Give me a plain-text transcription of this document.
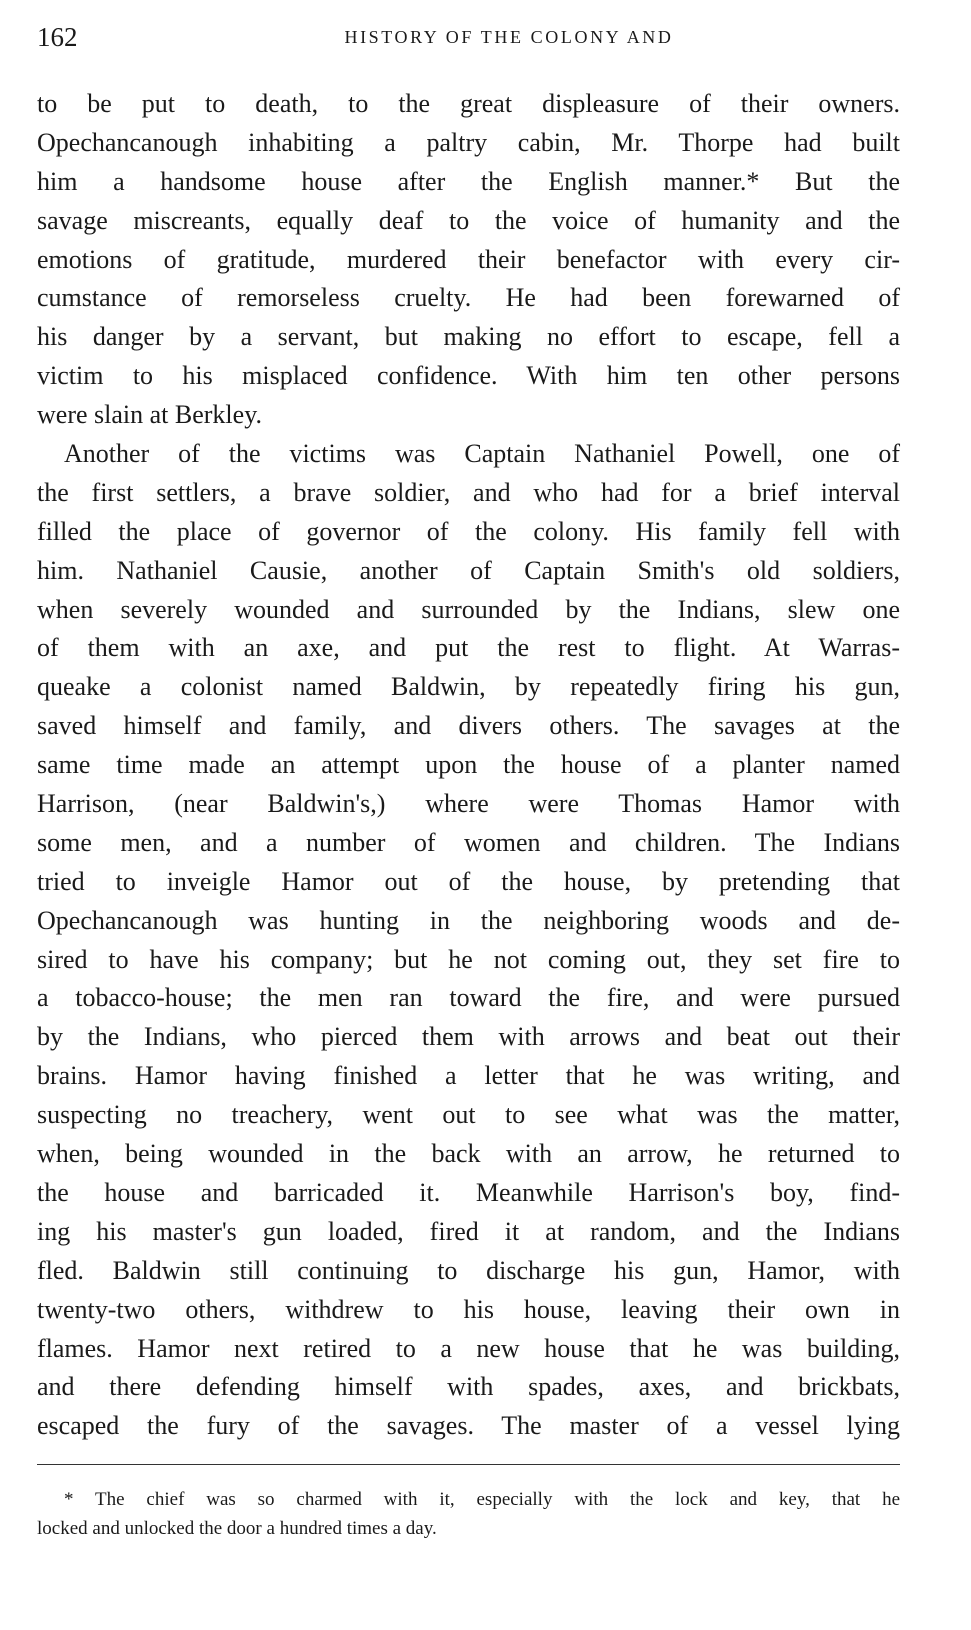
162	HISTORY OF THE COLONY AND
to be put to death, to the great displeasure of their owners.
Opechancanough inhabiting a paltry cabin, Mr. Thorpe had built
him a handsome house after the English manner.* But the
savage miscreants, equally deaf to the voice of humanity and the
emotions of gratitude, murdered their benefactor with every cir-
cumstance of remorseless cruelty. He had been forewarned of
his danger by a servant, but making no effort to escape, fell a
victim to his misplaced confidence. With him ten other persons
were slain at Berkley.
Another of the victims was Captain Nathaniel Powell, one of
the first settlers, a brave soldier, and who had for a brief interval
filled the place of governor of the colony. His family fell with
him. Nathaniel Causie, another of Captain Smith's old soldiers,
when severely wounded and surrounded by the Indians, slew one
of them with an axe, and put the rest to flight. At Warras-
queake a colonist named Baldwin, by repeatedly firing his gun,
saved himself and family, and divers others. The savages at the
same time made an attempt upon the house of a planter named
Harrison, (near Baldwin's,) where were Thomas Hamor with
some men, and a number of women and children. The Indians
tried to inveigle Hamor out of the house, by pretending that
Opechancanough was hunting in the neighboring woods and de-
sired to have his company; but he not coming out, they set fire to
a tobacco-house; the men ran toward the fire, and were pursued
by the Indians, who pierced them with arrows and beat out their
brains. Hamor having finished a letter that he was writing, and
suspecting no treachery, went out to see what was the matter,
when, being wounded in the back with an arrow, he returned to
the house and barricaded it. Meanwhile Harrison's boy, find-
ing his master's gun loaded, fired it at random, and the Indians
fled. Baldwin still continuing to discharge his gun, Hamor, with
twenty-two others, withdrew to his house, leaving their own in
flames. Hamor next retired to a new house that he was building,
and there defending himself with spades, axes, and brickbats,
escaped the fury of the savages. The master of a vessel lying
* The chief was so charmed with it, especially with the lock and key, that he
locked and unlocked the door a hundred times a day.
